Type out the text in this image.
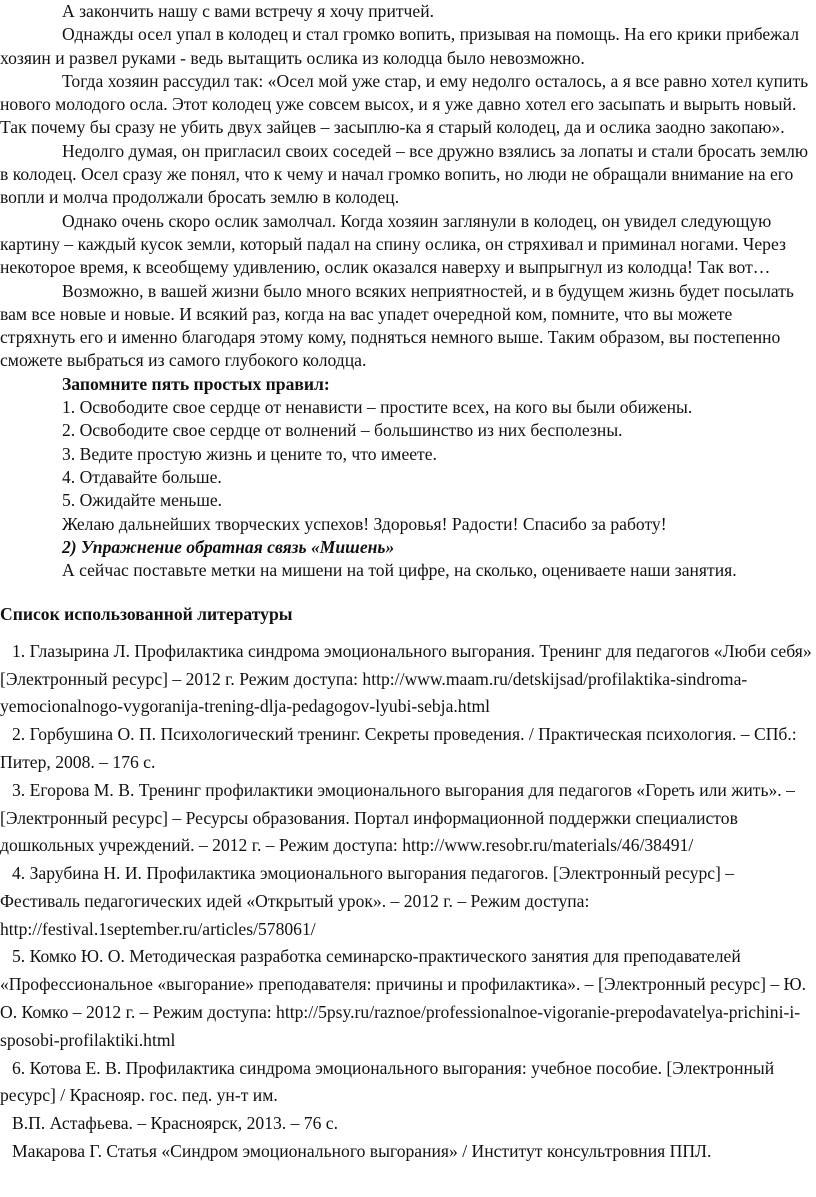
А закончить нашу с вами встречу я хочу притчей.

Однажды осел упал в колодец и стал громко вопить, призывая на помощь. На его крики прибежал хозяин и развел руками - ведь вытащить ослика из колодца было невозможно.

Тогда хозяин рассудил так: «Осел мой уже стар, и ему недолго осталось, а я все равно хотел купить нового молодого осла. Этот колодец уже совсем высох, и я уже давно хотел его засыпать и вырыть новый. Так почему бы сразу не убить двух зайцев – засыплю-ка я старый колодец, да и ослика заодно закопаю».

Недолго думая, он пригласил своих соседей – все дружно взялись за лопаты и стали бросать землю в колодец. Осел сразу же понял, что к чему и начал громко вопить, но люди не обращали внимание на его вопли и молча продолжали бросать землю в колодец.

Однако очень скоро ослик замолчал. Когда хозяин заглянули в колодец, он увидел следующую картину – каждый кусок земли, который падал на спину ослика, он стряхивал и приминал ногами. Через некоторое время, к всеобщему удивлению, ослик оказался наверху и выпрыгнул из колодца! Так вот…

Возможно, в вашей жизни было много всяких неприятностей, и в будущем жизнь будет посылать вам все новые и новые. И всякий раз, когда на вас упадет очередной ком, помните, что вы можете стряхнуть его и именно благодаря этому кому, подняться немного выше. Таким образом, вы постепенно сможете выбраться из самого глубокого колодца.

Запомните пять простых правил:

1. Освободите свое сердце от ненависти – простите всех, на кого вы были обижены.

2. Освободите свое сердце от волнений – большинство из них бесполезны.

3. Ведите простую жизнь и цените то, что имеете.

4. Отдавайте больше.

5. Ожидайте меньше.

Желаю дальнейших творческих успехов! Здоровья! Радости! Спасибо за работу!

2) Упражнение обратная связь «Мишень»

А сейчас поставьте метки на мишени на той цифре, на сколько, оцениваете наши занятия.

Список использованной литературы

1. Глазырина Л. Профилактика синдрома эмоционального выгорания. Тренинг для педагогов «Люби себя» [Электронный ресурс] – 2012 г. Режим доступа: http://www.maam.ru/detskijsad/profilaktika-sindroma-yemocionalnogo-vygoranija-trening-dlja-pedagogov-lyubi-sebja.html

2. Горбушина О. П. Психологический тренинг. Секреты проведения. / Практическая психология. – СПб.: Питер, 2008. – 176 с.

3. Егорова М. В. Тренинг профилактики эмоционального выгорания для педагогов «Гореть или жить». – [Электронный ресурс] – Ресурсы образования. Портал информационной поддержки специалистов дошкольных учреждений. – 2012 г. – Режим доступа: http://www.resobr.ru/materials/46/38491/

4. Зарубина Н. И. Профилактика эмоционального выгорания педагогов. [Электронный ресурс] – Фестиваль педагогических идей «Открытый урок». – 2012 г. – Режим доступа: http://festival.1september.ru/articles/578061/

5. Комко Ю. О. Методическая разработка семинарско-практического занятия для преподавателей «Профессиональное «выгорание» преподавателя: причины и профилактика». – [Электронный ресурс] – Ю. О. Комко – 2012 г. – Режим доступа: http://5psy.ru/raznoe/professionalnoe-vigoranie-prepodavatelya-prichini-i-sposobi-profilaktiki.html

6. Котова Е. В. Профилактика синдрома эмоционального выгорания: учебное пособие. [Электронный ресурс] / Краснояр. гос. пед. ун-т им.

В.П. Астафьева. – Красноярск, 2013. – 76 с.

Макарова Г. Статья «Синдром эмоционального выгорания» / Институт консультровния ППЛ.
